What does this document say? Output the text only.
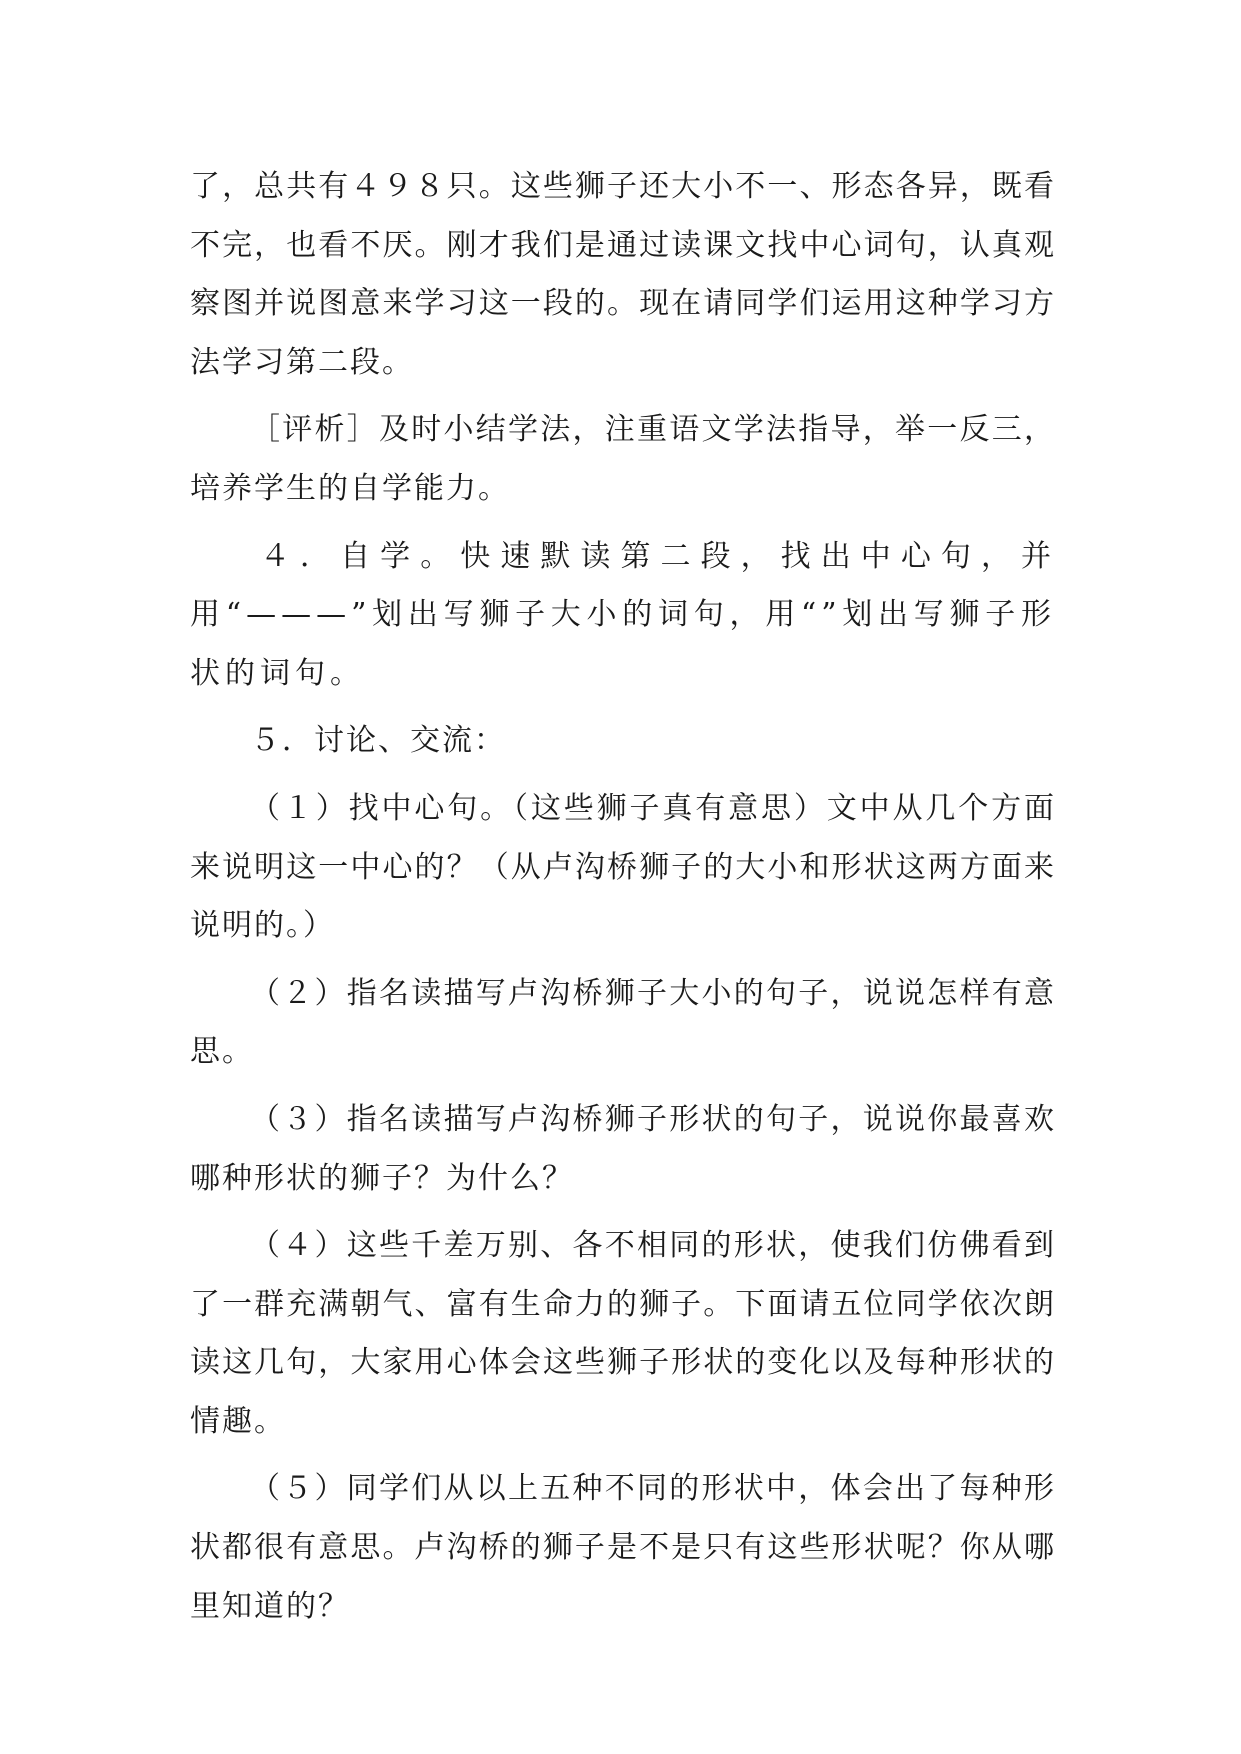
了，总共有４９８只。这些狮子还大小不一、形态各异，既看不完，也看不厌。刚才我们是通过读课文找中心词句，认真观察图并说图意来学习这一段的。现在请同学们运用这种学习方法学习第二段。

［评析］及时小结学法，注重语文学法指导，举一反三，培养学生的自学能力。

４．自学。快速默读第二段，找出中心句，并用“———”划出写狮子大小的词句，用“”划出写狮子形状的词句。

５．讨论、交流：

（１）找中心句。（这些狮子真有意思）文中从几个方面来说明这一中心的？（从卢沟桥狮子的大小和形状这两方面来说明的。）

（２）指名读描写卢沟桥狮子大小的句子，说说怎样有意思。

（３）指名读描写卢沟桥狮子形状的句子，说说你最喜欢哪种形状的狮子？为什么？

（４）这些千差万别、各不相同的形状，使我们仿佛看到了一群充满朝气、富有生命力的狮子。下面请五位同学依次朗读这几句，大家用心体会这些狮子形状的变化以及每种形状的情趣。

（５）同学们从以上五种不同的形状中，体会出了每种形状都很有意思。卢沟桥的狮子是不是只有这些形状呢？你从哪里知道的？
